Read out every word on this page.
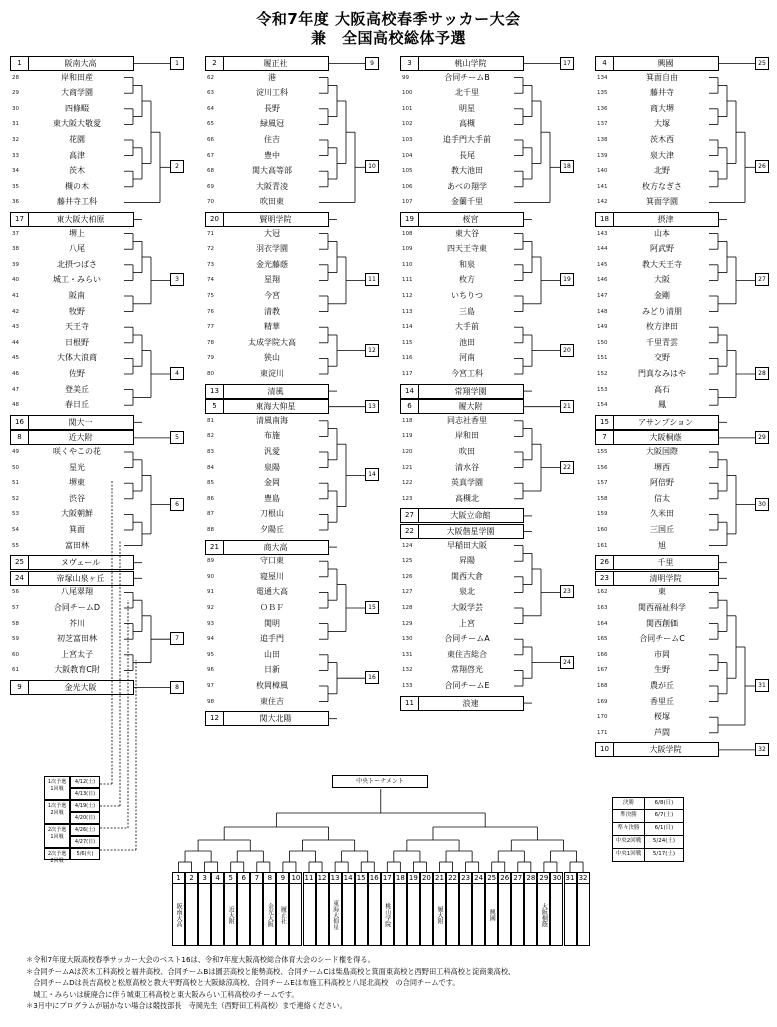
令和7年度 大阪高校春季サッカー大会
兼　全国高校総体予選
1	阪南大高	1
28	岸和田産
29	大商学園
30	四條畷
31	東大阪大敬愛
32	花園
33	高津
34	茨木
35	槻の木
36	藤井寺工科
2
17	東大阪大柏原
37	堺上
38	八尾
39	北摂つばさ
40	城工・みらい
41	阪南
42	牧野
3
43	天王寺
44	日根野
45	大体大浪商
46	佐野
47	登美丘
48	春日丘
4
16	関大一
8	近大附	5
49	咲くやこの花
50	星光
51	堺東
52	渋谷
53	大阪朝鮮
54	箕面
55	富田林
6
25	ヌヴェール
24	帝塚山泉ヶ丘
56	八尾翠翔
57	合同チームD
58	芥川
59	初芝富田林
60	上宮太子
61	大阪教育C附
7
9	金光大阪	8
2	履正社	9
62	港
63	淀川工科
64	長野
65	緑風冠
66	住吉
67	豊中
68	関大高等部
69	大阪青凌
70	吹田東
10
20	賢明学院
71	大冠
72	羽衣学園
73	金光藤蔭
74	星翔
75	今宮
76	清教
11
77	精華
78	太成学院大高
79	狭山
80	東淀川
12
13	清風
5	東海大仰星	13
81	清風南海
82	布施
83	汎愛
84	泉陽
85	金岡
86	豊島
87	刀根山
88	夕陽丘
14
21	商大高
89	守口東
90	寝屋川
91	電通大高
92	ＯＢＦ
93	関明
94	追手門
15
95	山田
96	日新
97	枚岡樟風
98	東住吉
16
12	関大北陽
3	桃山学院	17
99	合同チームB
100	北千里
101	明星
102	高槻
103	追手門大手前
104	長尾
105	教大池田
106	あべの翔学
107	金蘭千里
18
19	桜宮
108	東大谷
109	四天王寺東
110	和泉
111	枚方
112	いちりつ
113	三島
19
114	大手前
115	池田
116	河南
117	今宮工科
20
14	常翔学園
6	履大附	21
118	同志社香里
119	岸和田
120	吹田
121	清水谷
122	英真学園
123	高槻北
22
27	大阪立命館
22	大阪偕星学園
124	早稲田大阪
125	昇陽
126	関西大倉
127	泉北
128	大阪学芸
129	上宮
23
130	合同チームA
131	東住吉総合
132	常翔啓光
133	合同チームE
24
11	浪速
4	興國	25
134	箕面自由
135	藤井寺
136	商大堺
137	大塚
138	茨木西
139	泉大津
140	北野
141	枚方なぎさ
142	箕面学園
26
18	摂津
143	山本
144	阿武野
145	教大天王寺
146	大阪
147	金剛
148	みどり清朋
27
149	枚方津田
150	千里青雲
151	交野
152	門真なみはや
153	高石
154	鳳
28
15	アサンプション
7	大阪桐蔭	29
155	大阪国際
156	堺西
157	阿倍野
158	信太
159	久米田
160	三国丘
161	旭
30
26	千里
23	清明学院
162	東
163	関西福祉科学
164	関西創価
165	合同チームC
166	市岡
167	生野
168	農が丘
169	香里丘
170	桜塚
171	芦間
31
10	大阪学院	32
1次予選
1回戦
4/12(土)
4/13(日)
1次予選
2回戦
4/19(土)
4/20(日)
2次予選
1回戦
4/26(土)
4/27(日)
2次予選
2回戦
5/6(火)
中央トーナメント
1
阪南大高
2	3	4	5
近大附
6	7	8
金光大阪
9
履正社
10 11 12 13
東海大仰星
14 15 16 17
桃山学院
18 19 20 21
履大附
22 23 24 25
興國
26 27 28 29
大阪桐蔭
30 31 32
決勝	6/8(日)
準決勝	6/7(土)
準々決勝	6/1(日)
中央2回戦	5/24(土)
中央1回戦	5/17(土)
＊令和7年度大阪高校春季サッカー大会のベスト16は、令和7年度大阪高校総合体育大会のシード権を得る。
＊合同チームAは茨木工科高校と福井高校、合同チームBは園芸高校と能勢高校、合同チームCは柴島高校と箕面東高校と西野田工科高校と淀商業高校、
　合同チームDは長吉高校と松原高校と教大平野高校と大阪緑涼高校、合同チームEは布施工科高校と八尾北高校　の合同チームです。
　城工・みらいは統廃合に伴う城東工科高校と東大阪みらい工科高校のチームです。
＊3月中にプログラムが届かない場合は競技部長　寺岡先生（西野田工科高校）まで連絡ください。
